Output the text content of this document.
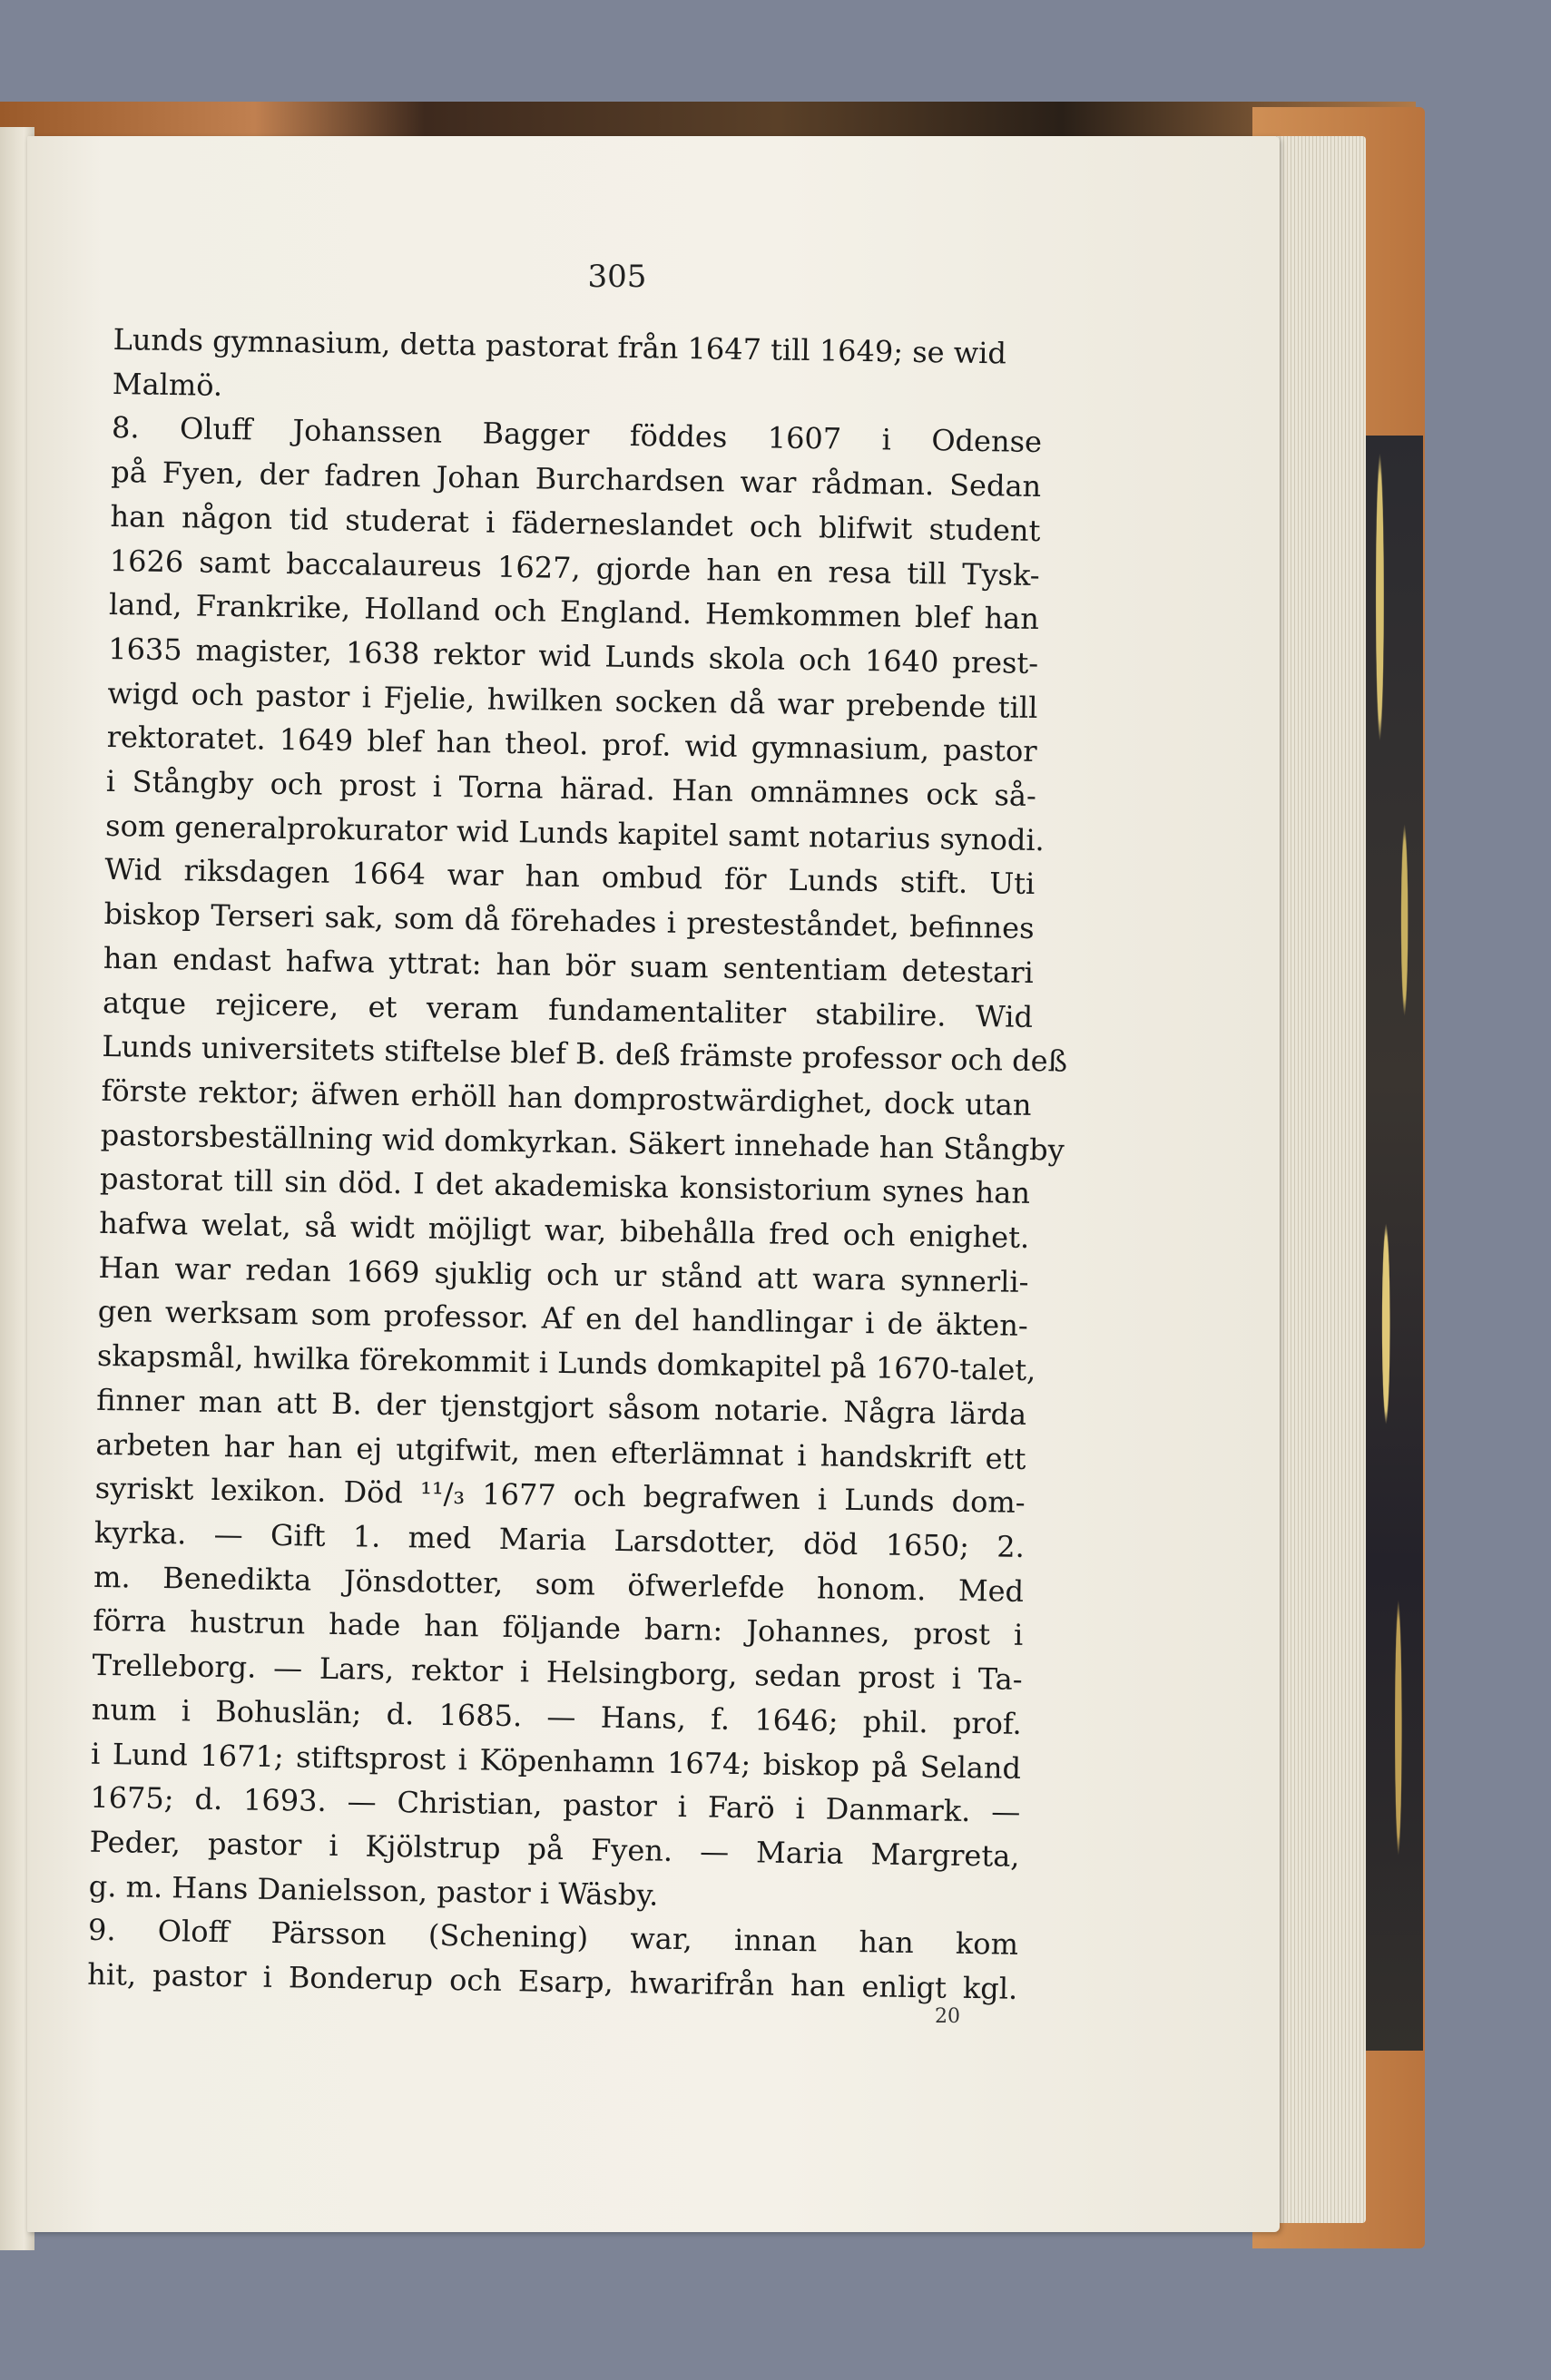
305
Lunds gymnasium, detta pastorat från 1647 till 1649; se wid
Malmö.
8. Oluff Johanssen Bagger föddes 1607 i Odense
på Fyen, der fadren Johan Burchardsen war rådman. Sedan
han någon tid studerat i fäderneslandet och blifwit student
1626 samt baccalaureus 1627, gjorde han en resa till Tysk-
land, Frankrike, Holland och England. Hemkommen blef han
1635 magister, 1638 rektor wid Lunds skola och 1640 prest-
wigd och pastor i Fjelie, hwilken socken då war prebende till
rektoratet. 1649 blef han theol. prof. wid gymnasium, pastor
i Stångby och prost i Torna härad. Han omnämnes ock så-
som generalprokurator wid Lunds kapitel samt notarius synodi.
Wid riksdagen 1664 war han ombud för Lunds stift. Uti
biskop Terseri sak, som då förehades i presteståndet, befinnes
han endast hafwa yttrat: han bör suam sententiam detestari
atque rejicere, et veram fundamentaliter stabilire. Wid
Lunds universitets stiftelse blef B. deß främste professor och deß
förste rektor; äfwen erhöll han domprostwärdighet, dock utan
pastorsbeställning wid domkyrkan. Säkert innehade han Stångby
pastorat till sin död. I det akademiska konsistorium synes han
hafwa welat, så widt möjligt war, bibehålla fred och enighet.
Han war redan 1669 sjuklig och ur stånd att wara synnerli-
gen werksam som professor. Af en del handlingar i de äkten-
skapsmål, hwilka förekommit i Lunds domkapitel på 1670-talet,
finner man att B. der tjenstgjort såsom notarie. Några lärda
arbeten har han ej utgifwit, men efterlämnat i handskrift ett
syriskt lexikon. Död ¹¹/₃ 1677 och begrafwen i Lunds dom-
kyrka. — Gift 1. med Maria Larsdotter, död 1650; 2.
m. Benedikta Jönsdotter, som öfwerlefde honom. Med
förra hustrun hade han följande barn: Johannes, prost i
Trelleborg. — Lars, rektor i Helsingborg, sedan prost i Ta-
num i Bohuslän; d. 1685. — Hans, f. 1646; phil. prof.
i Lund 1671; stiftsprost i Köpenhamn 1674; biskop på Seland
1675; d. 1693. — Christian, pastor i Farö i Danmark. —
Peder, pastor i Kjölstrup på Fyen. — Maria Margreta,
g. m. Hans Danielsson, pastor i Wäsby.
9. Oloff Pärsson (Schening) war, innan han kom
hit, pastor i Bonderup och Esarp, hwarifrån han enligt kgl.
20
